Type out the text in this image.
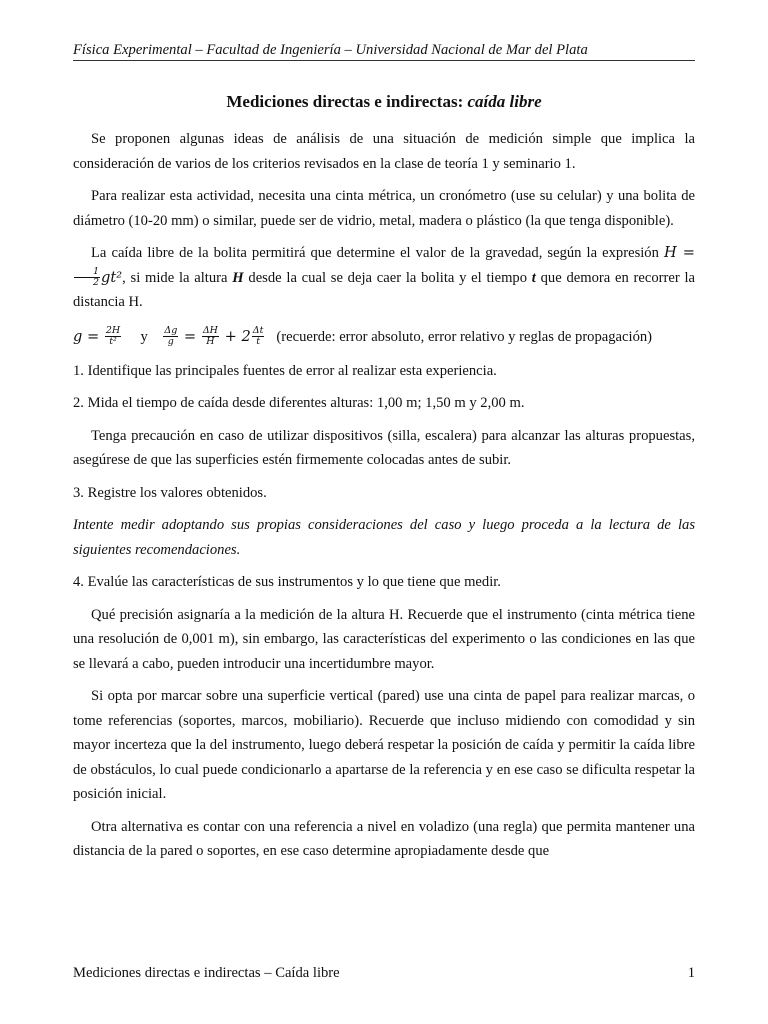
Física Experimental – Facultad de Ingeniería – Universidad Nacional de Mar del Plata
Mediciones directas e indirectas: caída libre

Se proponen algunas ideas de análisis de una situación de medición simple que implica la consideración de varios de los criterios revisados en la clase de teoría 1 y seminario 1.

Para realizar esta actividad, necesita una cinta métrica, un cronómetro (use su celular) y una bolita de diámetro (10-20 mm) o similar, puede ser de vidrio, metal, madera o plástico (la que tenga disponible).

La caída libre de la bolita permitirá que determine el valor de la gravedad, según la expresión H =
$\frac{1}{2} gt^2$, si mide la altura H desde la cual se deja caer la bolita y el tiempo t que demora en recorrer la distancia H.

$g = \frac{2H}{\text{t²}}$ y $\frac{\Delta g}{g} = \frac{\Delta H}{H} + 2 \frac{\Delta t}{t}$ (recuerde: error absoluto, error relativo y reglas de propagación)

1. Identifique las principales fuentes de error al realizar esta experiencia.

2. Mida el tiempo de caída desde diferentes alturas: 1,00 m; 1,50 m y 2,00 m.

Tenga precaución en caso de utilizar dispositivos (silla, escalera) para alcanzar las alturas propuestas, asegúrese de que las superficies estén firmemente colocadas antes de subir.

3. Registre los valores obtenidos.

Intente medir adoptando sus propias consideraciones del caso y luego proceda a la lectura de las siguientes recomendaciones.

4. Evalúe las características de sus instrumentos y lo que tiene que medir.

Qué precisión asignaría a la medición de la altura H. Recuerde que el instrumento (cinta métrica tiene una resolución de 0,001 m), sin embargo, las características del experimento o las condiciones en las que se llevará a cabo, pueden introducir una incertidumbre mayor.

Si opta por marcar sobre una superficie vertical (pared) use una cinta de papel para realizar marcas, o tome referencias (soportes, marcos, mobiliario). Recuerde que incluso midiendo con comodidad y sin mayor incerteza que la del instrumento, luego deberá respetar la posición de caída y permitir la caída libre de obstáculos, lo cual puede condicionarlo a apartarse de la referencia y en ese caso se dificulta respetar la posición inicial.

Otra alternativa es contar con una referencia a nivel en voladizo (una regla) que permita mantener una distancia de la pared o soportes, en ese caso determine apropiadamente desde que

Mediciones directas e indirectas – Caída libre	1
